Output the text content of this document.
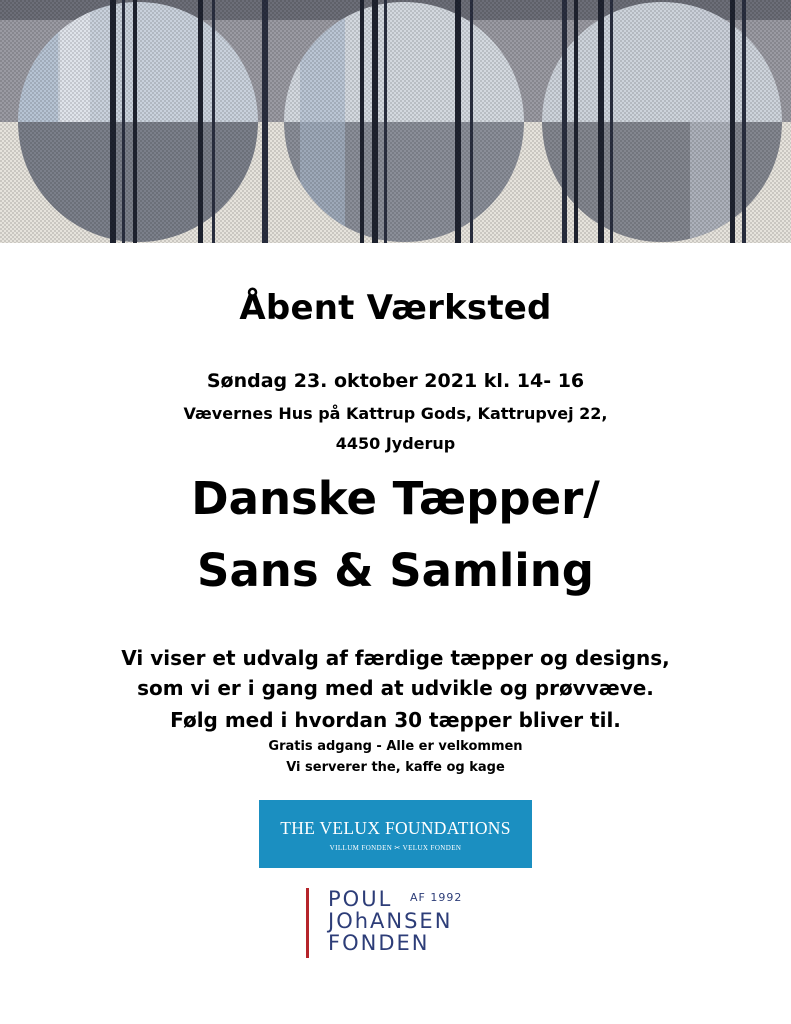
Åbent Værksted
Søndag 23. oktober 2021 kl. 14- 16
Vævernes Hus på Kattrup Gods, Kattrupvej 22,
4450 Jyderup
Danske Tæpper/
Sans & Samling
Vi viser et udvalg af færdige tæpper og designs,
som vi er i gang med at udvikle og prøvvæve.
Følg med i hvordan 30 tæpper bliver til.
Gratis adgang - Alle er velkommen
Vi serverer the, kaffe og kage
THE VELUX FOUNDATIONS
VILLUM FONDEN ✂ VELUX FONDEN
POUL AF 1992
JOhANSEN
FONDEN
